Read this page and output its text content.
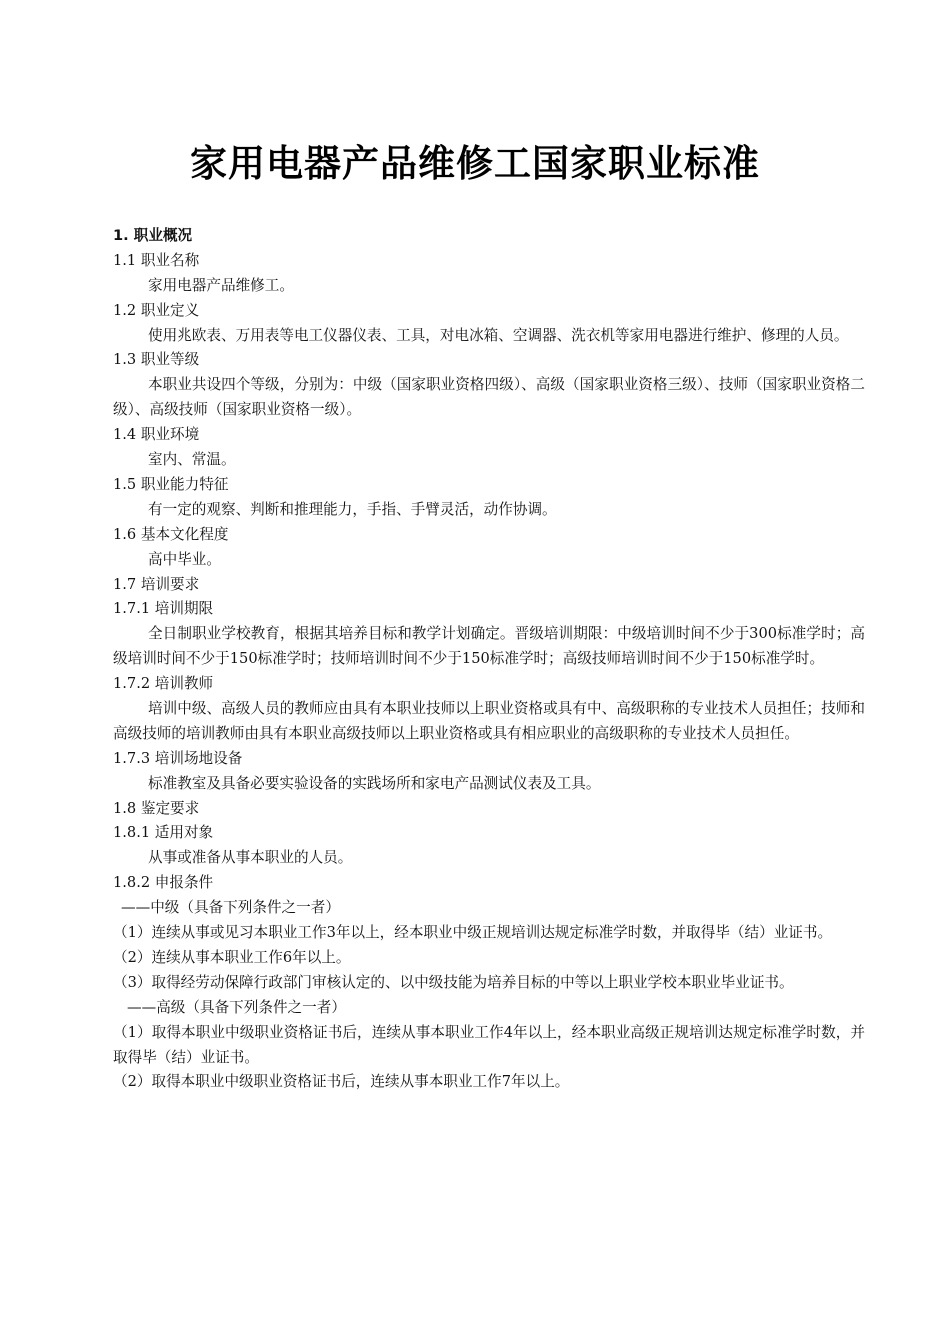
家用电器产品维修工国家职业标准
1. 职业概况
1.1 职业名称
家用电器产品维修工。
1.2 职业定义
使用兆欧表、万用表等电工仪器仪表、工具，对电冰箱、空调器、洗衣机等家用电器进行维护、修理的人员。
1.3 职业等级
本职业共设四个等级，分别为：中级（国家职业资格四级）、高级（国家职业资格三级）、技师（国家职业资格二级）、高级技师（国家职业资格一级）。
1.4 职业环境
室内、常温。
1.5 职业能力特征
有一定的观察、判断和推理能力，手指、手臂灵活，动作协调。
1.6 基本文化程度
高中毕业。
1.7 培训要求
1.7.1 培训期限
全日制职业学校教育，根据其培养目标和教学计划确定。晋级培训期限：中级培训时间不少于300标准学时；高级培训时间不少于150标准学时；技师培训时间不少于150标准学时；高级技师培训时间不少于150标准学时。
1.7.2 培训教师
培训中级、高级人员的教师应由具有本职业技师以上职业资格或具有中、高级职称的专业技术人员担任；技师和高级技师的培训教师由具有本职业高级技师以上职业资格或具有相应职业的高级职称的专业技术人员担任。
1.7.3 培训场地设备
标准教室及具备必要实验设备的实践场所和家电产品测试仪表及工具。
1.8 鉴定要求
1.8.1 适用对象
从事或准备从事本职业的人员。
1.8.2 申报条件
——中级（具备下列条件之一者）
（1）连续从事或见习本职业工作3年以上，经本职业中级正规培训达规定标准学时数，并取得毕（结）业证书。
（2）连续从事本职业工作6年以上。
（3）取得经劳动保障行政部门审核认定的、以中级技能为培养目标的中等以上职业学校本职业毕业证书。
——高级（具备下列条件之一者）
（1）取得本职业中级职业资格证书后，连续从事本职业工作4年以上，经本职业高级正规培训达规定标准学时数，并取得毕（结）业证书。
（2）取得本职业中级职业资格证书后，连续从事本职业工作7年以上。
